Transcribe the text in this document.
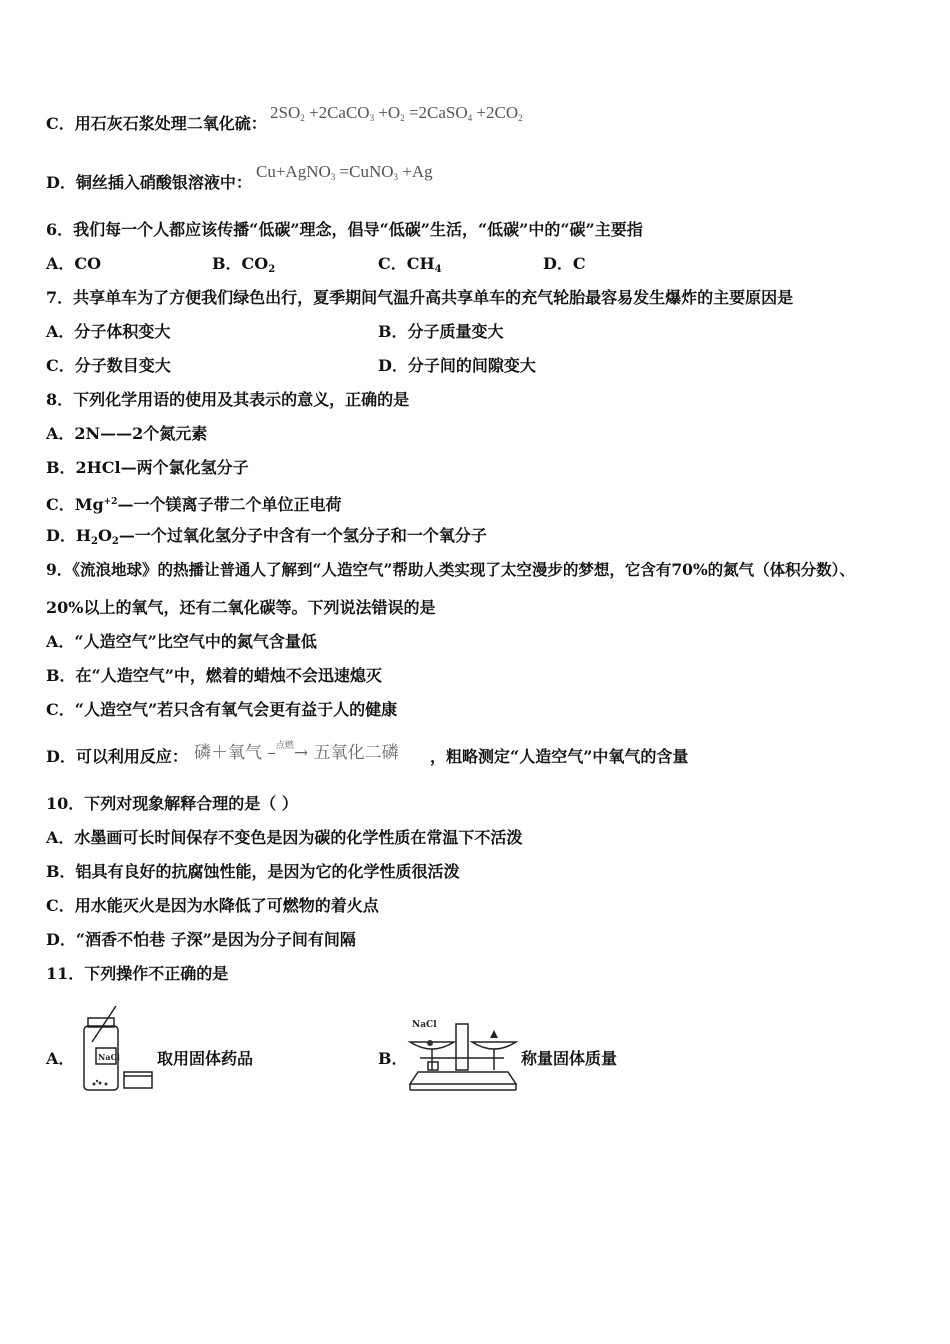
C．用石灰石浆处理二氧化硫：
$2SO_2$ +2CaCO$_3$ $+O_2$ =2CaSO$_4$ $+2CO_2$
D．铜丝插入硝酸银溶液中：
Cu+AgNO$_3$ =CuNO$_3$ +Ag
6．我们每一个人都应该传播“低碳”理念，倡导“低碳”生活，“低碳”中的“碳”主要指
A．CO	B．$CO_2$	C．$CH_4$	D．C
7．共享单车为了方便我们绿色出行，夏季期间气温升高共享单车的充气轮胎最容易发生爆炸的主要原因是
A．分子体积变大	B．分子质量变大
C．分子数目变大	D．分子间的间隙变大
8．下列化学用语的使用及其表示的意义，正确的是
A．2N——2个氮元素
B．2HCl—两个氯化氢分子
C．$Mg^{+2}—$一个镁离子带二个单位正电荷
D．$H_2O_2—$一个过氧化氢分子中含有一个氢分子和一个氧分子
9．《流浪地球》的热播让普通人了解到“人造空气”帮助人类实现了太空漫步的梦想，它含有70%的氮气（体积分数）、
20%以上的氧气，还有二氧化碳等。下列说法错误的是
A．“人造空气”比空气中的氮气含量低
B．在“人造空气”中，燃着的蜡烛不会迅速熄灭
C．“人造空气”若只含有氧气会更有益于人的健康
D．可以利用反应： 磷＋氧气 –$^{点燃}$→ 五氧化二磷 ，粗略测定“人造空气”中氧气的含量
10．下列对现象解释合理的是（ ）
A．水墨画可长时间保存不变色是因为碳的化学性质在常温下不活泼
B．铝具有良好的抗腐蚀性能，是因为它的化学性质很活泼
C．用水能灭火是因为水降低了可燃物的着火点
D．“酒香不怕巷 子深”是因为分子间有间隔
11．下列操作不正确的是
A．	NaCl 取用固体药品	B．
NaCl
称量固体质量
